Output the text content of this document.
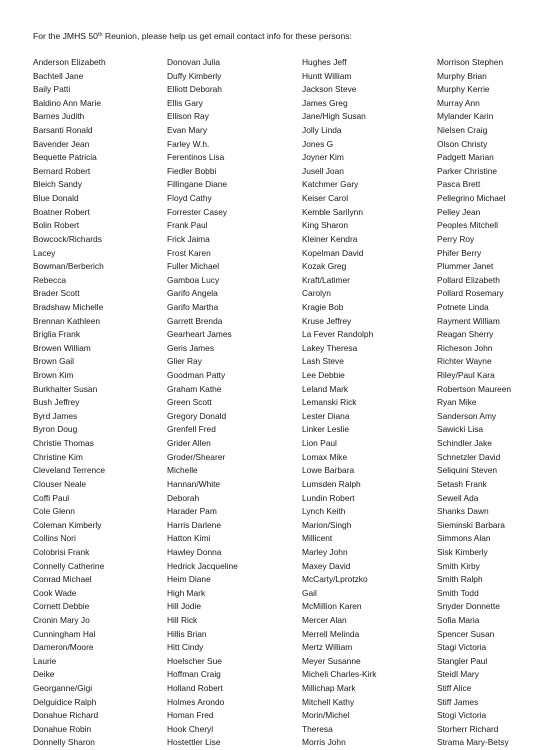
For the JMHS 50th Reunion, please help us get email contact info for these persons:
Anderson Elizabeth
Bachtell Jane
Baily Patti
Baldino Ann Marie
Barnes Judith
Barsanti Ronald
Bavender Jean
Bequette Patricia
Bernard Robert
Bleich Sandy
Blue Donald
Boatner Robert
Bolin Robert
Bowcock/Richards
Lacey
Bowman/Berberich
Rebecca
Brader Scott
Bradshaw Michelle
Brennan Kathleen
Briglia Frank
Browen William
Brown Gail
Brown Kim
Burkhalter Susan
Bush Jeffrey
Byrd James
Byron Doug
Christie Thomas
Christine Kim
Cleveland Terrence
Clouser Neale
Coffi Paul
Cole Glenn
Coleman Kimberly
Collins Nori
Colobrisi Frank
Connelly Catherine
Conrad Michael
Cook Wade
Cornett Debbie
Cronin Mary Jo
Cunningham Hal
Dameron/Moore
Laurie
Deike
Georganne/Gigi
Delguidice Ralph
Donahue Richard
Donahue Robin
Donnelly Sharon
Donovan Julia
Duffy Kimberly
Elliott Deborah
Ellis Gary
Ellison Ray
Evan Mary
Farley W.h.
Ferentinos Lisa
Fiedler Bobbi
Fillingane Diane
Floyd Cathy
Forrester Casey
Frank Paul
Frick Jaima
Frost Karen
Fuller Michael
Gamboa Lucy
Garifo Angela
Garifo Martha
Garrett Brenda
Gearheart James
Geris James
Glier Ray
Goodman Patty
Graham Kathe
Green Scott
Gregory Donald
Grenfell Fred
Grider Allen
Groder/Shearer
Michelle
Hannan/White
Deborah
Harader Pam
Harris Darlene
Hatton Kimi
Hawley Donna
Hedrick Jacqueline
Heim Diane
High Mark
Hill Jodie
Hill Rick
Hillis Brian
Hitt Cindy
Hoelscher Sue
Hoffman Craig
Holland Robert
Holmes Arondo
Homan Fred
Hook Cheryl
Hostettler Lise
Hughes Jeff
Huntt William
Jackson Steve
James Greg
Jane/High Susan
Jolly Linda
Jones G
Joyner Kim
Jusell Joan
Katchmer Gary
Keiser Carol
Kemble Sarilynn
King Sharon
Kleiner Kendra
Kopelman David
Kozak Greg
Kraft/Latimer
Carolyn
Kragie Bob
Kruse Jeffrey
La Fever Randolph
Lakey Theresa
Lash Steve
Lee Debbie
Leland Mark
Lemanski Rick
Lester Diana
Linker Leslie
Lion Paul
Lomax Mike
Lowe Barbara
Lumsden Ralph
Lundin Robert
Lynch Keith
Marion/Singh
Millicent
Marley John
Maxey David
McCarty/Lprotzko
Gail
McMillion Karen
Mercer Alan
Merrell Melinda
Mertz William
Meyer Susanne
Micheli Charles-Kirk
Millichap Mark
Mitchell Kathy
Morin/Michel
Theresa
Morris John
Morrison Stephen
Murphy Brian
Murphy Kerrie
Murray Ann
Mylander Karin
Nielsen Craig
Olson Christy
Padgett Marian
Parker Christine
Pasca Brett
Pellegrino Michael
Pelley Jean
Peoples Mitchell
Perry Roy
Phifer Berry
Plummer Janet
Pollard Elizabeth
Pollard Rosemary
Potnete Linda
Rayment William
Reagan Sherry
Richeson John
Richter Wayne
Riley/Paul Kara
Robertson Maureen
Ryan Mike
Sanderson Amy
Sawicki Lisa
Schindler Jake
Schnetzler David
Seliquini Steven
Setash Frank
Sewell Ada
Shanks Dawn
Sieminski Barbara
Simmons Alan
Sisk Kimberly
Smith Kirby
Smith Ralph
Smith Todd
Snyder Donnette
Sofia Maria
Spencer Susan
Stagi Victoria
Stangler Paul
Steidl Mary
Stiff Alice
Stiff James
Stogi Victoria
Storherr Richard
Strama Mary-Betsy
